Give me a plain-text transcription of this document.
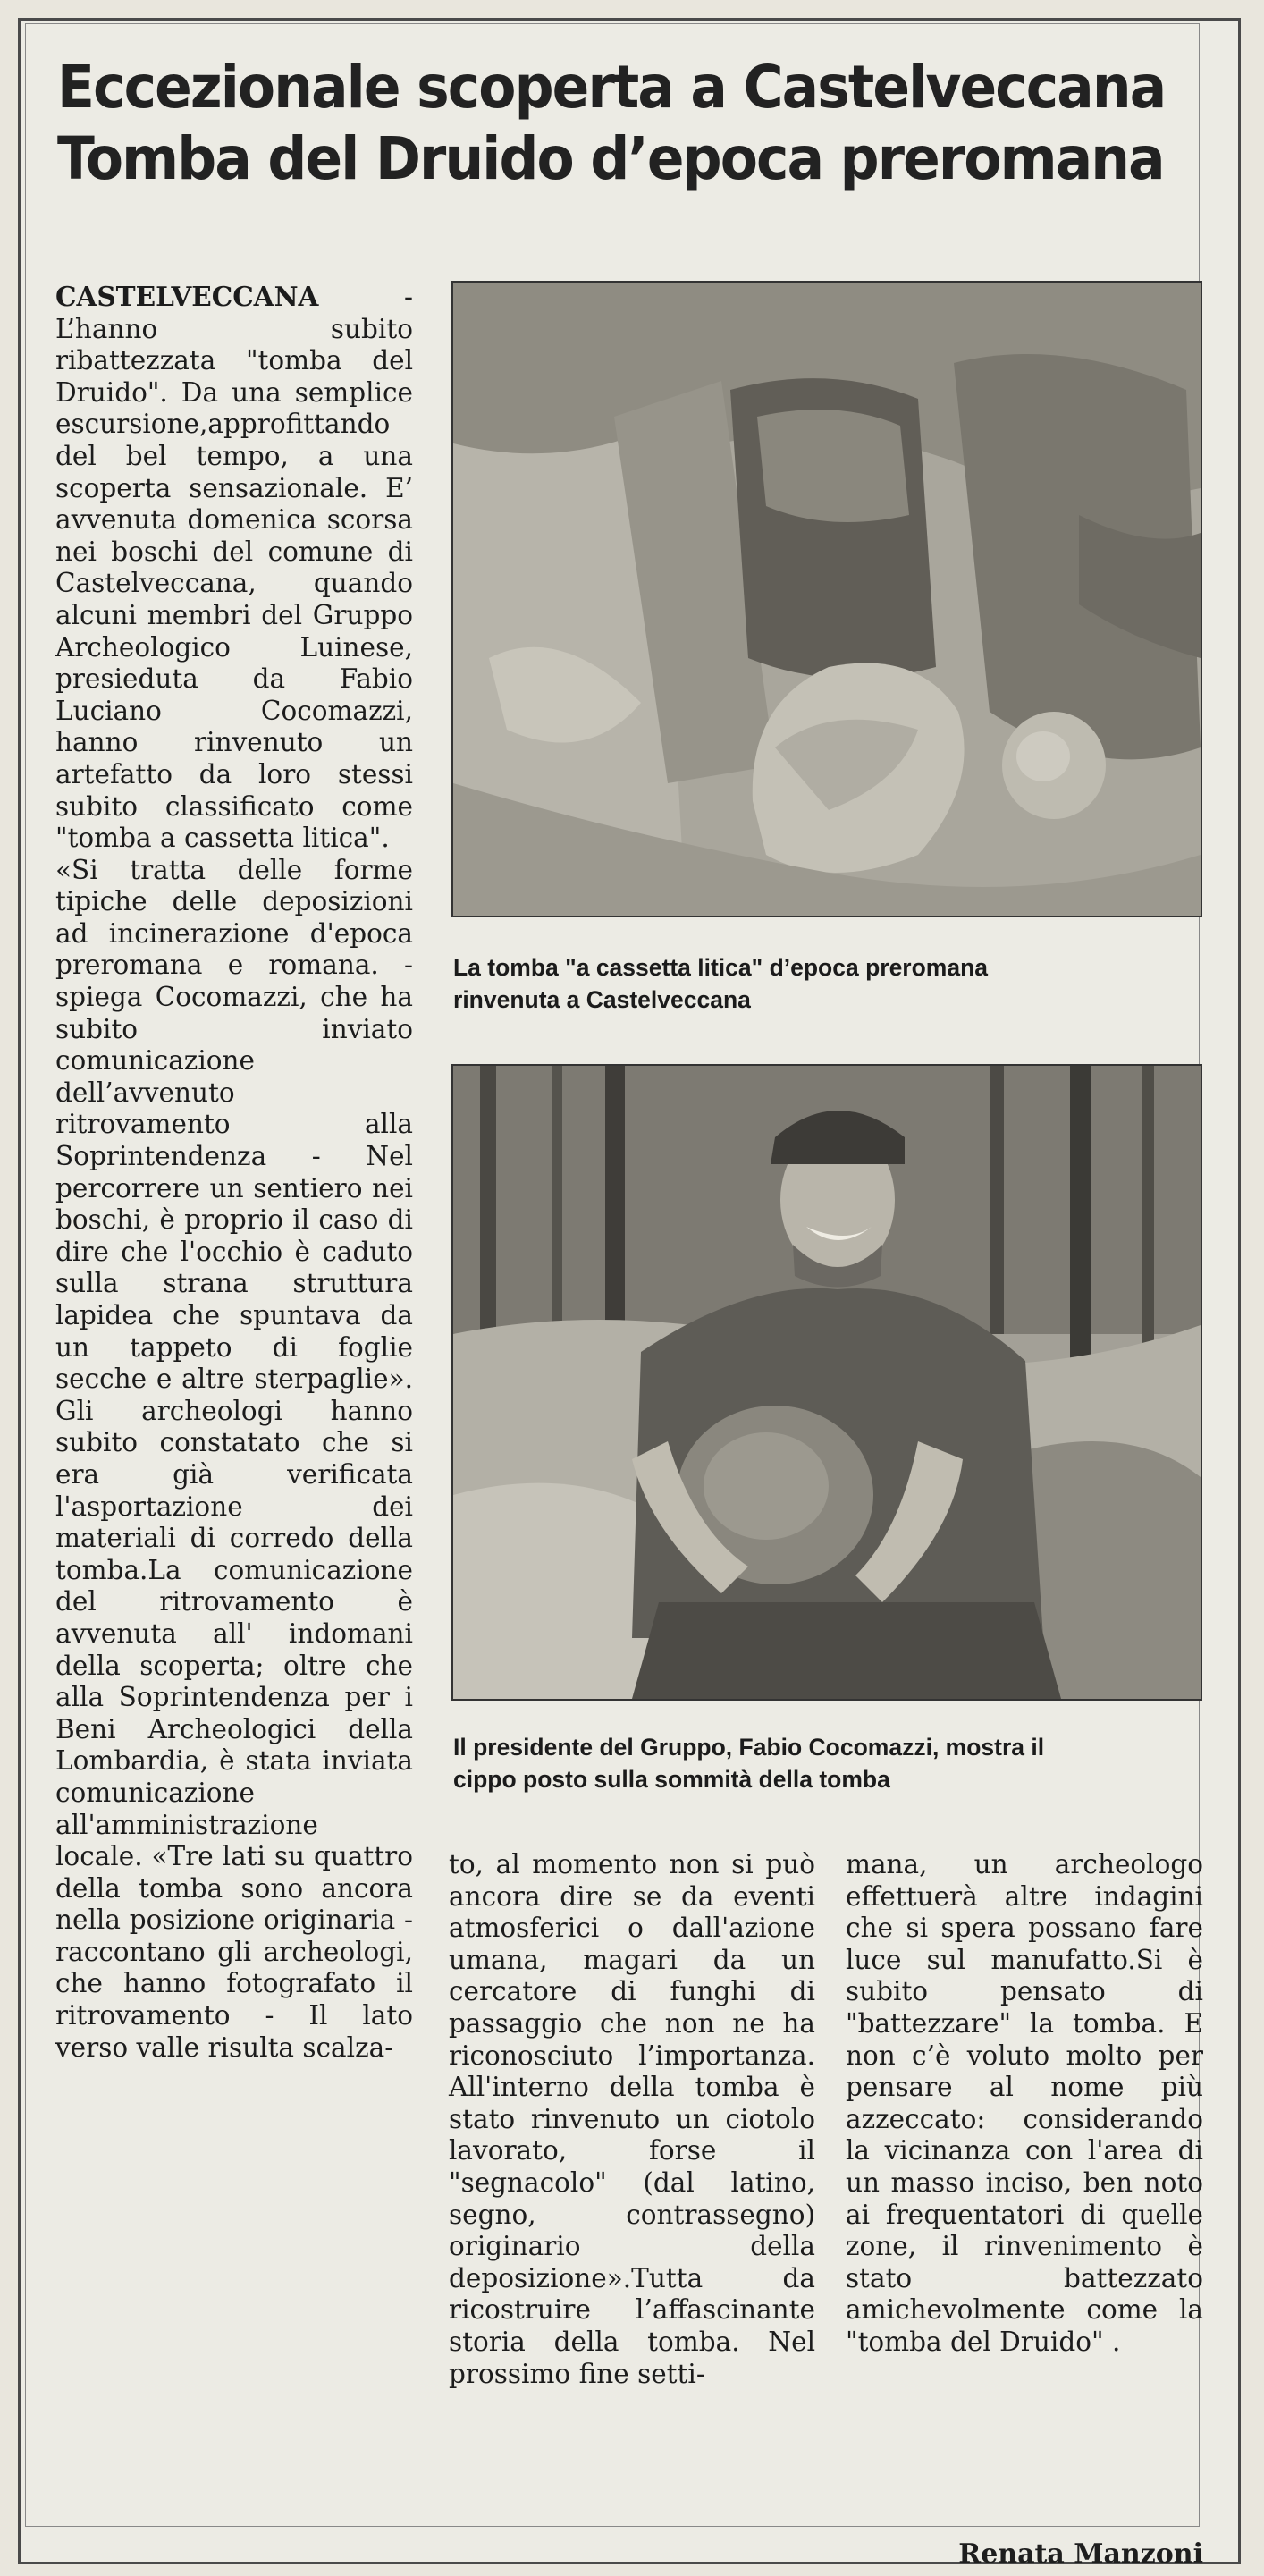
Eccezionale scoperta a Castelveccana
Tomba del Druido d’epoca preromana

CASTELVECCANA	- L’hanno subito ribattezzata "tomba del Druido". Da una semplice escursione,approfittando del bel tempo, a una scoperta sensazionale. E’ avvenuta domenica scorsa nei boschi del comune di Castelveccana, quando alcuni membri del Gruppo Archeologico Luinese, presieduta da Fabio Luciano Cocomazzi, hanno rinvenuto un artefatto da loro stessi subito classificato come "tomba a cassetta litica".

«Si tratta delle forme tipiche delle deposizioni ad incinerazione d'epoca preromana e romana. - spiega Cocomazzi, che ha subito inviato comunicazione dell’avvenuto ritrovamento alla Soprintendenza - Nel percorrere un sentiero nei boschi, è proprio il caso di dire che l'occhio è caduto sulla strana struttura lapidea che spuntava da un tappeto di foglie secche e altre sterpaglie». Gli archeologi hanno subito constatato che si era già verificata l'asportazione dei materiali di corredo della tomba.La comunicazione del ritrovamento è avvenuta all' indomani della scoperta; oltre che alla Soprintendenza per i Beni Archeologici della Lombardia, è stata inviata comunicazione all'amministrazione locale. «Tre lati su quattro della tomba sono ancora nella posizione originaria - raccontano gli archeologi, che hanno fotografato il ritrovamento - Il lato verso valle risulta scalza-

La tomba "a cassetta litica" d’epoca preromana
rinvenuta a Castelveccana
Il presidente del Gruppo, Fabio Cocomazzi, mostra il
cippo posto sulla sommità della tomba

to, al momento non si può ancora dire se da eventi atmosferici o dall'azione umana, magari da un cercatore di funghi di passaggio che non ne ha riconosciuto l’importanza. All'interno della tomba è stato rinvenuto un ciotolo lavorato, forse il "segnacolo" (dal latino, segno, contrassegno) originario della deposizione».Tutta da ricostruire l’affascinante storia della tomba. Nel prossimo fine setti-

mana, un archeologo effettuerà altre indagini che si spera possano fare luce sul manufatto.Si è subito pensato di "battezzare" la tomba. E non c’è voluto molto per pensare al nome più azzeccato: considerando la vicinanza con l'area di un masso inciso, ben noto ai frequentatori di quelle zone, il rinvenimento è stato battezzato amichevolmente come la "tomba del Druido" .

Renata Manzoni
